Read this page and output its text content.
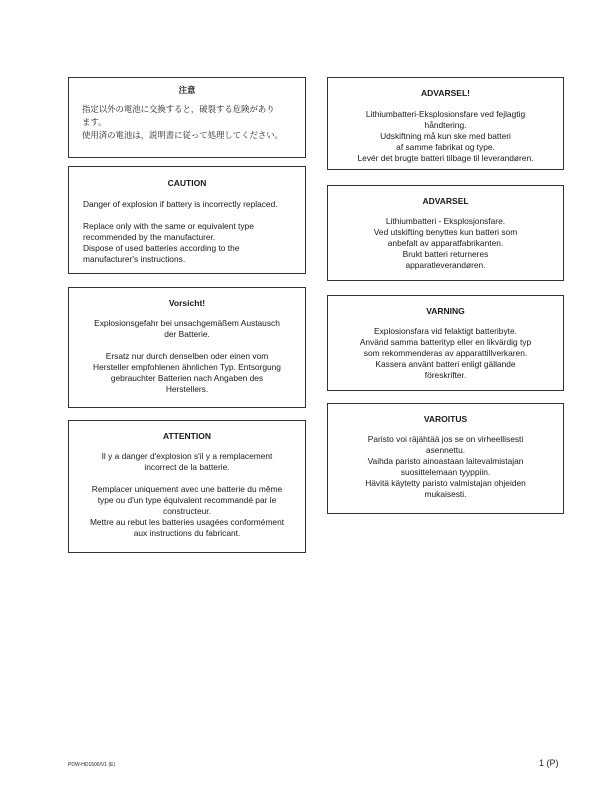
注意
指定以外の電池に交換すると，破裂する危険があり
ます。
使用済の電池は，説明書に従って処理してください。
CAUTION
Danger of explosion if battery is incorrectly replaced.
Replace only with the same or equivalent type
recommended by the manufacturer.
Dispose of used batteries according to the
manufacturer's instructions.
Vorsicht!
Explosionsgefahr bei unsachgemäßem Austausch
der Batterie.
Ersatz nur durch denselben oder einen vom
Hersteller empfohlenen ähnlichen Typ. Entsorgung
gebrauchter Batterien nach Angaben des
Herstellers.
ATTENTION
Il y a danger d'explosion s'il y a remplacement
incorrect de la batterie.
Remplacer uniquement avec une batterie du même
type ou d'un type équivalent recommandé par le
constructeur.
Mettre au rebut les batteries usagées conformément
aux instructions du fabricant.
ADVARSEL!
Lithiumbatteri-Eksplosionsfare ved fejlagtig
håndtering.
Udskiftning må kun ske med batteri
af samme fabrikat og type.
Levér det brugte batteri tilbage til leverandøren.
ADVARSEL
Lithiumbatteri - Eksplosjonsfare.
Ved utskifting benyttes kun batteri som
anbefalt av apparatfabrikanten.
Brukt batteri returneres
apparatleverandøren.
VARNING
Explosionsfara vid felaktigt batteribyte.
Använd samma batterityp eller en likvärdig typ
som rekommenderas av apparattillverkaren.
Kassera använt batteri enligt gällande
föreskrifter.
VAROITUS
Paristo voi räjähtää jos se on virheellisesti
asennettu.
Vaihda paristo ainoastaan laitevalmistajan
suosittelemaan tyyppiin.
Hävitä käytetty paristo valmistajan ohjeiden
mukaisesti.
PDW-HD1500/V1 (E)	1 (P)
